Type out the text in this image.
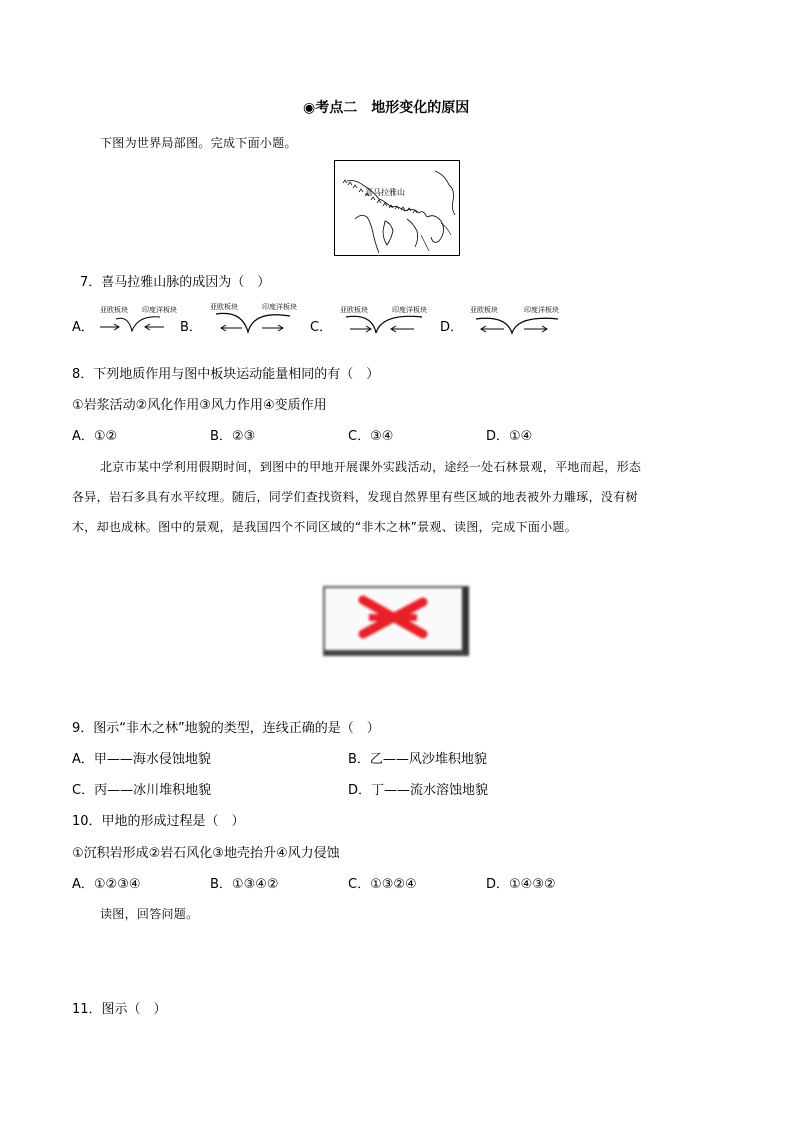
◉考点二　地形变化的原因
下图为世界局部图。完成下面小题。
喜马拉雅山
7．喜马拉雅山脉的成因为（　）
A．
亚欧板块 印度洋板块
B．
亚欧板块	印度洋板块
C．
亚欧板块	印度洋板块
D．
亚欧板块	印度洋板块
8．下列地质作用与图中板块运动能量相同的有（　）
①岩浆活动②风化作用③风力作用④变质作用
A．①②	B．②③	C．③④	D．①④
北京市某中学利用假期时间，到图中的甲地开展课外实践活动，途经一处石林景观，平地而起，形态
各异，岩石多具有水平纹理。随后，同学们查找资料，发现自然界里有些区域的地表被外力雕琢，没有树
木，却也成林。图中的景观，是我国四个不同区域的“非木之林”景观、读图，完成下面小题。
9．图示“非木之林”地貌的类型，连线正确的是（　）
A．甲——海水侵蚀地貌	B．乙——风沙堆积地貌
C．丙——冰川堆积地貌	D．丁——流水溶蚀地貌
10．甲地的形成过程是（　）
①沉积岩形成②岩石风化③地壳抬升④风力侵蚀
A．①②③④	B．①③④②	C．①③②④	D．①④③②
读图，回答问题。
11．图示（　）
